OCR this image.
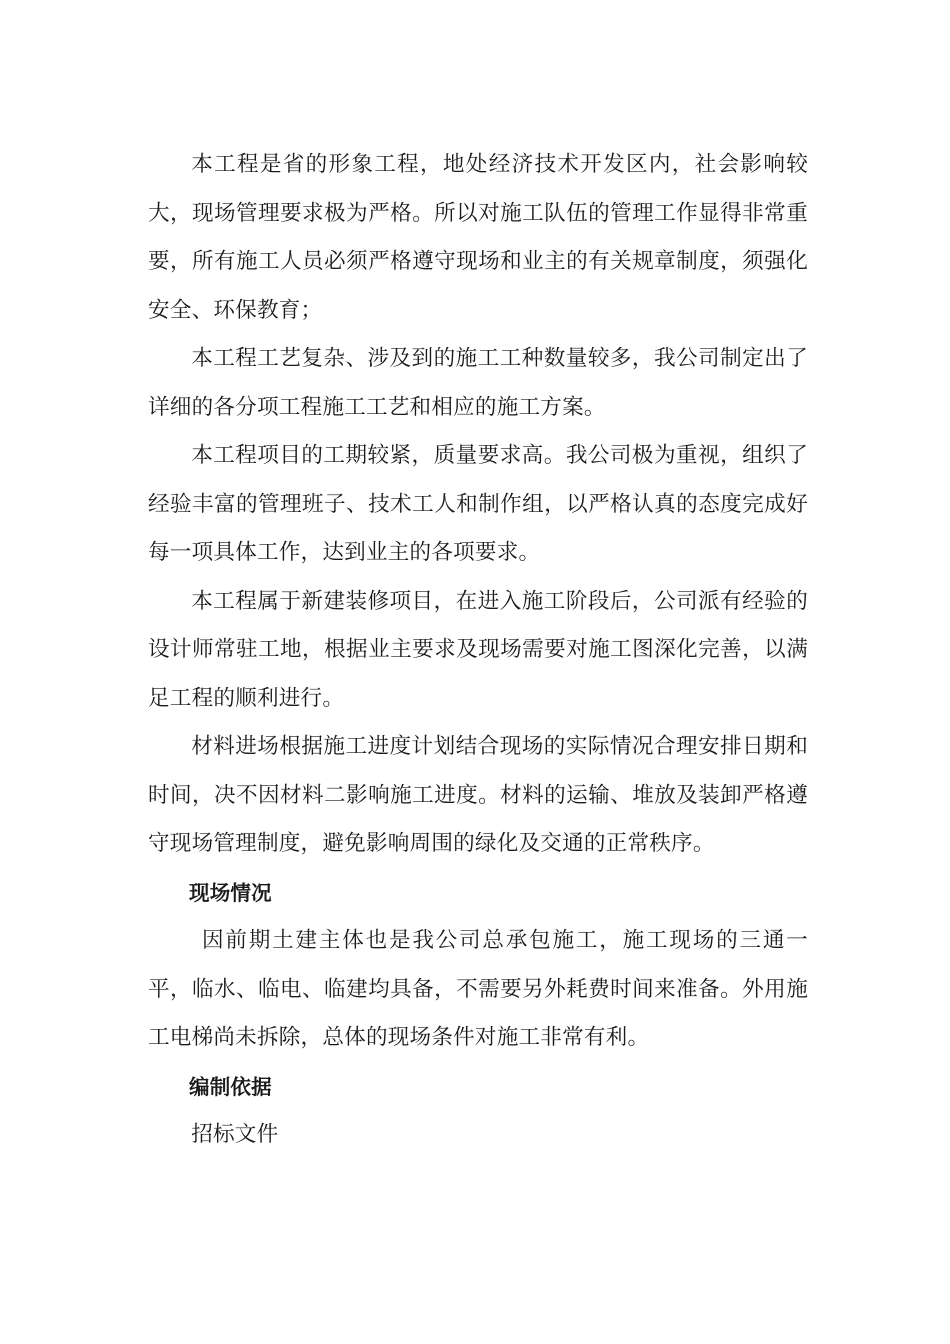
本工程是省的形象工程，地处经济技术开发区内，社会影响较大，现场管理要求极为严格。所以对施工队伍的管理工作显得非常重要，所有施工人员必须严格遵守现场和业主的有关规章制度，须强化安全、环保教育；

本工程工艺复杂、涉及到的施工工种数量较多，我公司制定出了详细的各分项工程施工工艺和相应的施工方案。

本工程项目的工期较紧，质量要求高。我公司极为重视，组织了经验丰富的管理班子、技术工人和制作组，以严格认真的态度完成好每一项具体工作，达到业主的各项要求。

本工程属于新建装修项目，在进入施工阶段后，公司派有经验的设计师常驻工地，根据业主要求及现场需要对施工图深化完善，以满足工程的顺利进行。

材料进场根据施工进度计划结合现场的实际情况合理安排日期和时间，决不因材料二影响施工进度。材料的运输、堆放及装卸严格遵守现场管理制度，避免影响周围的绿化及交通的正常秩序。

现场情况

因前期土建主体也是我公司总承包施工，施工现场的三通一平，临水、临电、临建均具备，不需要另外耗费时间来准备。外用施工电梯尚未拆除，总体的现场条件对施工非常有利。

编制依据

招标文件
